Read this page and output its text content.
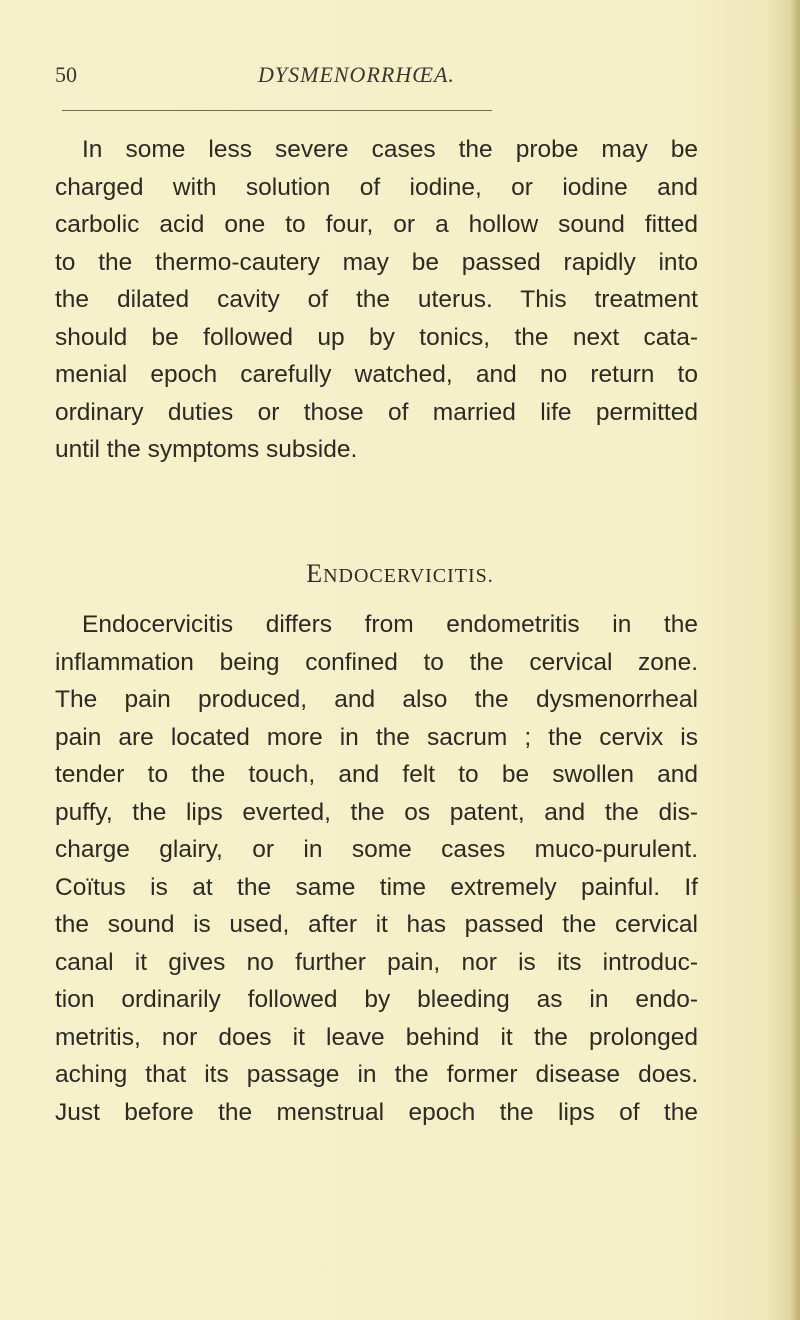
50	DYSMENORRHŒA.
In some less severe cases the probe may be
charged with solution of iodine, or iodine and
carbolic acid one to four, or a hollow sound fitted
to the thermo-cautery may be passed rapidly into
the dilated cavity of the uterus. This treatment
should be followed up by tonics, the next cata-
menial epoch carefully watched, and no return to
ordinary duties or those of married life permitted
until the symptoms subside.
ENDOCERVICITIS.
Endocervicitis differs from endometritis in the
inflammation being confined to the cervical zone.
The pain produced, and also the dysmenorrheal
pain are located more in the sacrum ; the cervix is
tender to the touch, and felt to be swollen and
puffy, the lips everted, the os patent, and the dis-
charge glairy, or in some cases muco-purulent.
Coïtus is at the same time extremely painful. If
the sound is used, after it has passed the cervical
canal it gives no further pain, nor is its introduc-
tion ordinarily followed by bleeding as in endo-
metritis, nor does it leave behind it the prolonged
aching that its passage in the former disease does.
Just before the menstrual epoch the lips of the
